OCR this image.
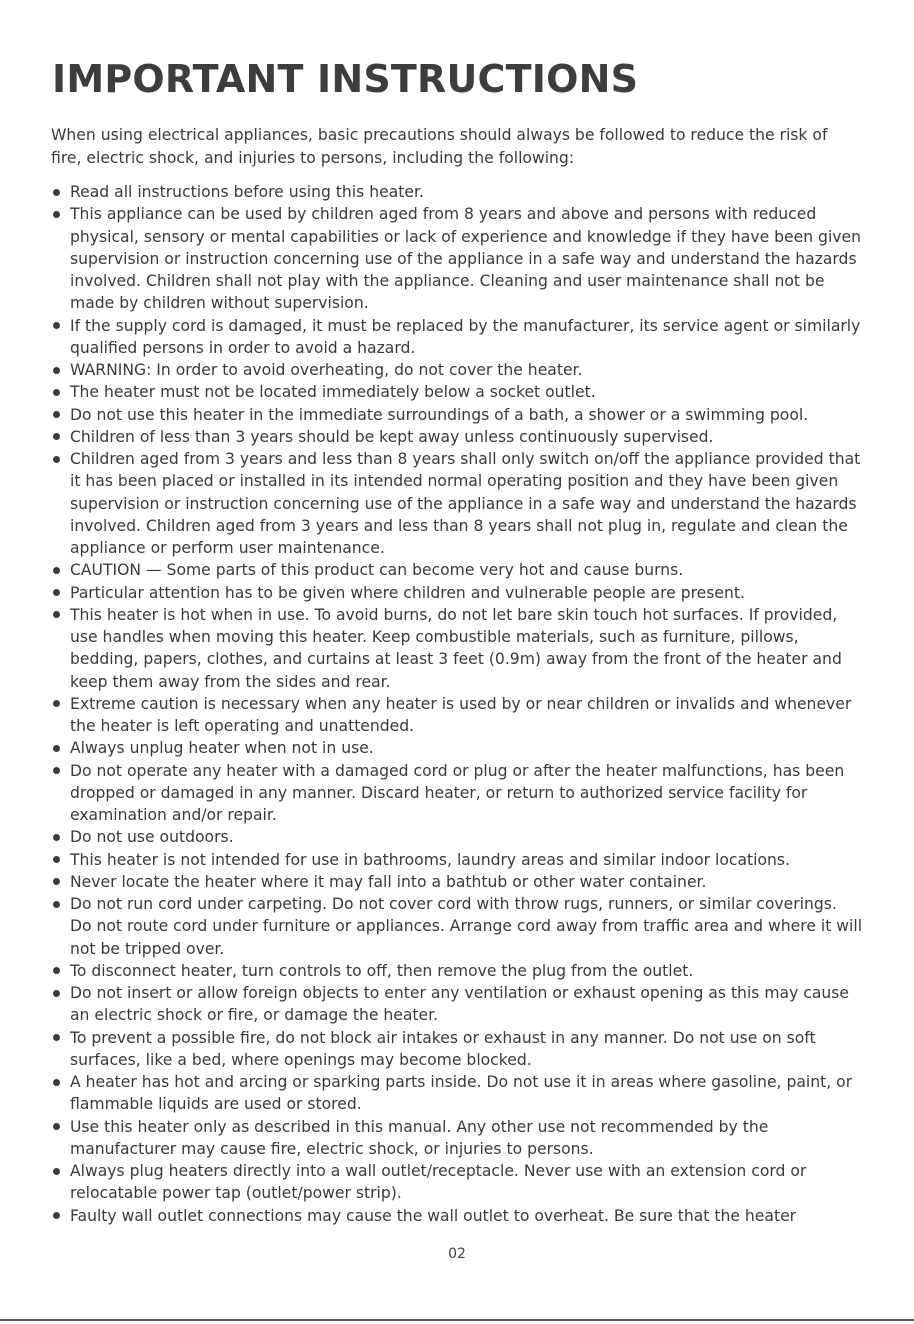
IMPORTANT INSTRUCTIONS

When using electrical appliances, basic precautions should always be followed to reduce the risk of fire, electric shock, and injuries to persons, including the following:

Read all instructions before using this heater.
This appliance can be used by children aged from 8 years and above and persons with reduced physical, sensory or mental capabilities or lack of experience and knowledge if they have been given supervision or instruction concerning use of the appliance in a safe way and understand the hazards involved. Children shall not play with the appliance. Cleaning and user maintenance shall not be made by children without supervision.
If the supply cord is damaged, it must be replaced by the manufacturer, its service agent or similarly qualified persons in order to avoid a hazard.
WARNING: In order to avoid overheating, do not cover the heater.
The heater must not be located immediately below a socket outlet.
Do not use this heater in the immediate surroundings of a bath, a shower or a swimming pool.
Children of less than 3 years should be kept away unless continuously supervised.
Children aged from 3 years and less than 8 years shall only switch on/off the appliance provided that it has been placed or installed in its intended normal operating position and they have been given supervision or instruction concerning use of the appliance in a safe way and understand the hazards involved. Children aged from 3 years and less than 8 years shall not plug in, regulate and clean the appliance or perform user maintenance.
CAUTION — Some parts of this product can become very hot and cause burns.
Particular attention has to be given where children and vulnerable people are present.
This heater is hot when in use. To avoid burns, do not let bare skin touch hot surfaces. If provided, use handles when moving this heater. Keep combustible materials, such as furniture, pillows, bedding, papers, clothes, and curtains at least 3 feet (0.9m) away from the front of the heater and keep them away from the sides and rear.
Extreme caution is necessary when any heater is used by or near children or invalids and whenever the heater is left operating and unattended.
Always unplug heater when not in use.
Do not operate any heater with a damaged cord or plug or after the heater malfunctions, has been dropped or damaged in any manner. Discard heater, or return to authorized service facility for examination and/or repair.
Do not use outdoors.
This heater is not intended for use in bathrooms, laundry areas and similar indoor locations.
Never locate the heater where it may fall into a bathtub or other water container.
Do not run cord under carpeting. Do not cover cord with throw rugs, runners, or similar coverings. Do not route cord under furniture or appliances. Arrange cord away from traffic area and where it will not be tripped over.
To disconnect heater, turn controls to off, then remove the plug from the outlet.
Do not insert or allow foreign objects to enter any ventilation or exhaust opening as this may cause an electric shock or fire, or damage the heater.
To prevent a possible fire, do not block air intakes or exhaust in any manner. Do not use on soft surfaces, like a bed, where openings may become blocked.
A heater has hot and arcing or sparking parts inside. Do not use it in areas where gasoline, paint, or flammable liquids are used or stored.
Use this heater only as described in this manual. Any other use not recommended by the manufacturer may cause fire, electric shock, or injuries to persons.
Always plug heaters directly into a wall outlet/receptacle. Never use with an extension cord or relocatable power tap (outlet/power strip).
Faulty wall outlet connections may cause the wall outlet to overheat. Be sure that the heater
02
